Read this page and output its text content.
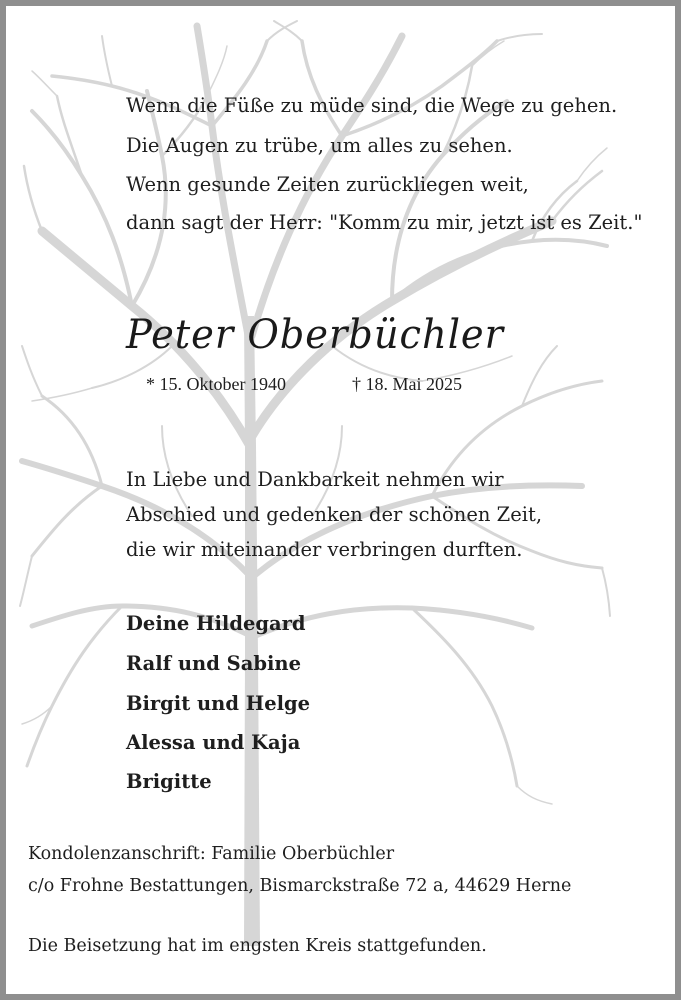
Wenn die Füße zu müde sind, die Wege zu gehen.
Die Augen zu trübe, um alles zu sehen.
Wenn gesunde Zeiten zurückliegen weit,
dann sagt der Herr: "Komm zu mir, jetzt ist es Zeit."
Peter Oberbüchler
* 15. Oktober 1940	† 18. Mai 2025
In Liebe und Dankbarkeit nehmen wir
Abschied und gedenken der schönen Zeit,
die wir miteinander verbringen durften.
Deine Hildegard
Ralf und Sabine
Birgit und Helge
Alessa und Kaja
Brigitte
Kondolenzanschrift: Familie Oberbüchler
c/o Frohne Bestattungen, Bismarckstraße 72 a, 44629 Herne
Die Beisetzung hat im engsten Kreis stattgefunden.
